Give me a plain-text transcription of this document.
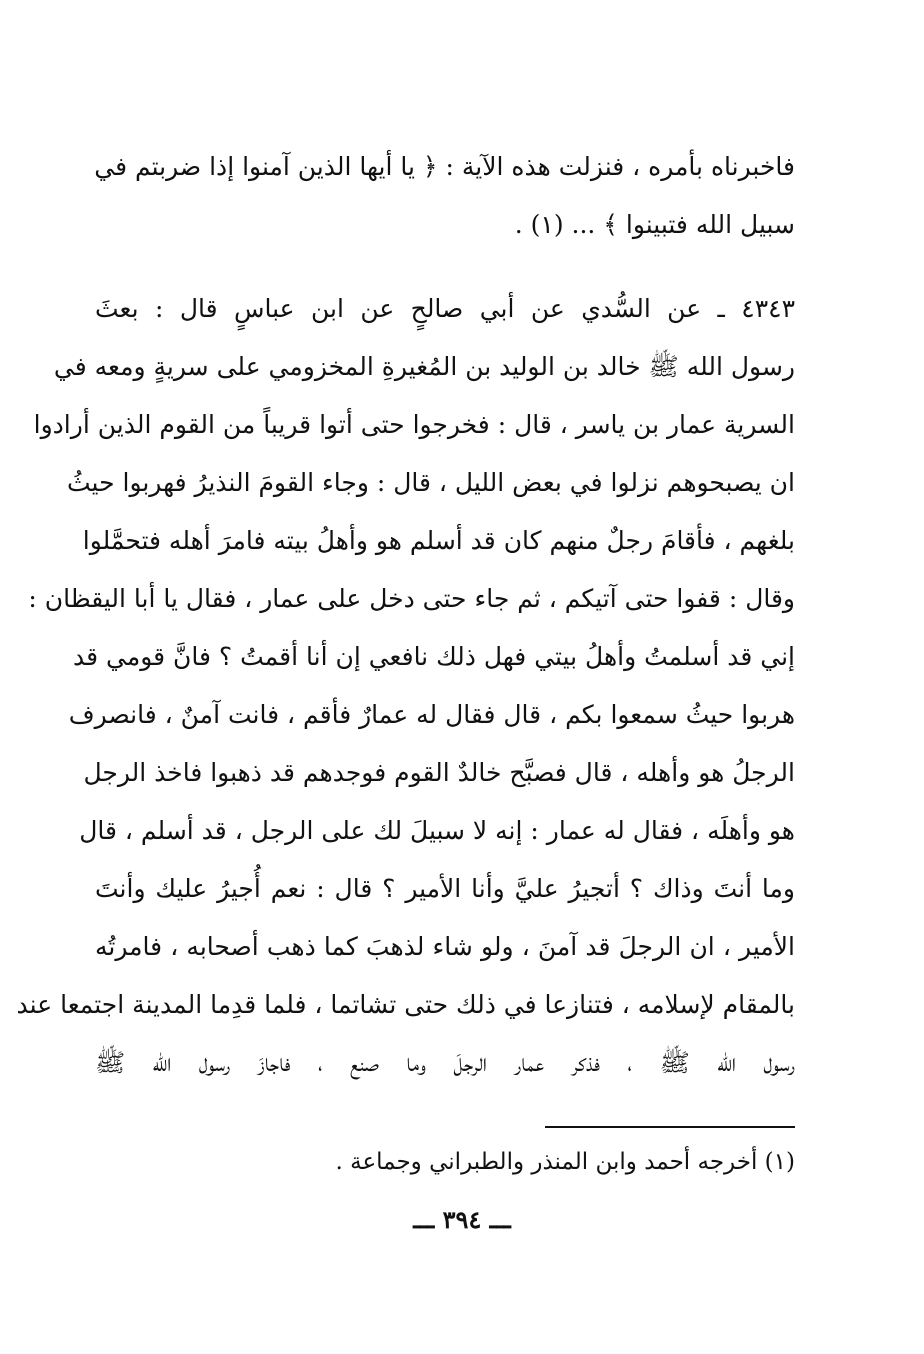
فاخبرناه بأمره ، فنزلت هذه الآية : ﴿ يا أيها الذين آمنوا إذا ضربتم في
سبيل الله فتبينوا ﴾ ... (١) .
٤٣٤٣ ـ عن السُّدي عن أبي صالحٍ عن ابن عباسٍ قال : بعثَ
رسول الله ﷺ خالد بن الوليد بن المُغيرةِ المخزومي على سريةٍ ومعه في
السرية عمار بن ياسر ، قال : فخرجوا حتى أتوا قريباً من القوم الذين أرادوا
ان يصبحوهم نزلوا في بعض الليل ، قال : وجاء القومَ النذيرُ فهربوا حيثُ
بلغهم ، فأقامَ رجلٌ منهم كان قد أسلم هو وأهلُ بيته فامرَ أهله فتحمَّلوا
وقال : قفوا حتى آتيكم ، ثم جاء حتى دخل على عمار ، فقال يا أبا اليقظان :
إني قد أسلمتُ وأهلُ بيتي فهل ذلك نافعي إن أنا أقمتُ ؟ فانَّ قومي قد
هربوا حيثُ سمعوا بكم ، قال فقال له عمارٌ فأقم ، فانت آمنٌ ، فانصرف
الرجلُ هو وأهله ، قال فصبَّح خالدٌ القوم فوجدهم قد ذهبوا فاخذ الرجل
هو وأهلَه ، فقال له عمار : إنه لا سبيلَ لك على الرجل ، قد أسلم ، قال
وما أنتَ وذاك ؟ أتجيرُ عليَّ وأنا الأمير ؟ قال : نعم أُجيرُ عليك وأنتَ
الأمير ، ان الرجلَ قد آمنَ ، ولو شاء لذهبَ كما ذهب أصحابه ، فامرتُه
بالمقام لإسلامه ، فتنازعا في ذلك حتى تشاتما ، فلما قدِما المدينة اجتمعا عند
رسول الله ﷺ ، فذكر عمار الرجلَ وما صنع ، فاجازَ رسول الله ﷺ
(١) أخرجه أحمد وابن المنذر والطبراني وجماعة .
ـــ ٣٩٤ ـــ
